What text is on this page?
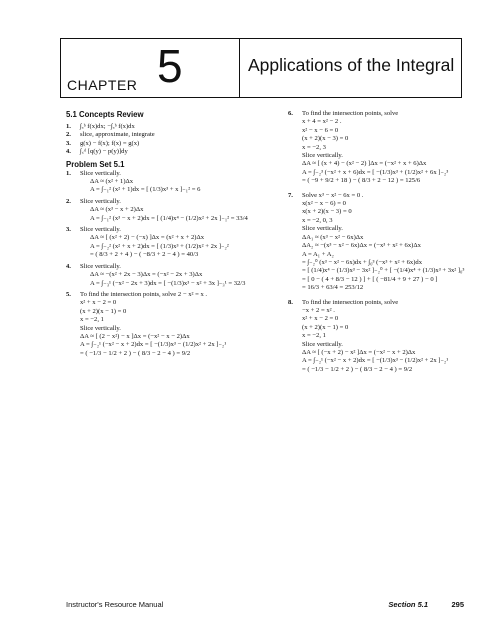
CHAPTER 5	Applications of the Integral
5.1 Concepts Review
1. ∫ₐᵇ f(x)dx; −∫ₐᵇ f(x)dx
2. slice, approximate, integrate
3. g(x) − f(x); f(x) = g(x)
4. ∫꜀ᵈ [q(y) − p(y)]dy
Problem Set 5.1
1. Slice vertically.
ΔA ≈ (x² + 1)Δx
A = ∫₋₁² (x² + 1)dx = [ (1/3)x³ + x ]₋₁² = 6
2. Slice vertically.
ΔA ≈ (x³ − x + 2)Δx
A = ∫₋₁² (x³ − x + 2)dx = [ (1/4)x⁴ − (1/2)x² + 2x ]₋₁² = 33/4
3. Slice vertically.
ΔA ≈ [ (x² + 2) − (−x) ]Δx = (x² + x + 2)Δx
A = ∫₋₂² (x² + x + 2)dx = [ (1/3)x³ + (1/2)x² + 2x ]₋₂²
= ( 8/3 + 2 + 4 ) − ( −8/3 + 2 − 4 ) = 40/3
4. Slice vertically.
ΔA ≈ −(x² + 2x − 3)Δx = (−x² − 2x + 3)Δx
A = ∫₋₃¹ (−x² − 2x + 3)dx = [ −(1/3)x³ − x² + 3x ]₋₃¹ = 32/3
5. To find the intersection points, solve 2 − x² = x .
x² + x − 2 = 0
(x + 2)(x − 1) = 0
x = −2, 1
Slice vertically.
ΔA ≈ [ (2 − x²) − x ]Δx = (−x² − x − 2)Δx
A = ∫₋₂¹ (−x² − x + 2)dx = [ −(1/3)x³ − (1/2)x² + 2x ]₋₂¹
= ( −1/3 − 1/2 + 2 ) − ( 8/3 − 2 − 4 ) = 9/2
6. To find the intersection points, solve
x + 4 = x² − 2 .
x² − x − 6 = 0
(x + 2)(x − 3) = 0
x = −2, 3
Slice vertically.
ΔA ≈ [ (x + 4) − (x² − 2) ]Δx = (−x² + x + 6)Δx
A = ∫₋₂³ (−x² + x + 6)dx = [ −(1/3)x³ + (1/2)x² + 6x ]₋₂³
= ( −9 + 9/2 + 18 ) − ( 8/3 + 2 − 12 ) = 125/6
7. Solve x³ − x² − 6x = 0 .
x(x² − x − 6) = 0
x(x + 2)(x − 3) = 0
x = −2, 0, 3
Slice vertically.
ΔA₁ ≈ (x³ − x² − 6x)Δx
ΔA₂ ≈ −(x³ − x² − 6x)Δx = (−x³ + x² + 6x)Δx
A = A₁ + A₂
= ∫₋₂⁰ (x³ − x² − 6x)dx + ∫₀³ (−x³ + x² + 6x)dx
= [ (1/4)x⁴ − (1/3)x³ − 3x² ]₋₂⁰ + [ −(1/4)x⁴ + (1/3)x³ + 3x² ]₀³
= [ 0 − ( 4 + 8/3 − 12 ) ] + [ ( −81/4 + 9 + 27 ) − 0 ]
= 16/3 + 63/4 = 253/12
8. To find the intersection points, solve
−x + 2 = x² .
x² + x − 2 = 0
(x + 2)(x − 1) = 0
x = −2, 1
Slice vertically.
ΔA ≈ [ (−x + 2) − x² ]Δx = (−x² − x + 2)Δx
A = ∫₋₂¹ (−x² − x + 2)dx = [ −(1/3)x³ − (1/2)x² + 2x ]₋₂¹
= ( −1/3 − 1/2 + 2 ) − ( 8/3 − 2 − 4 ) = 9/2
Instructor's Resource Manual	Section 5.1	295
